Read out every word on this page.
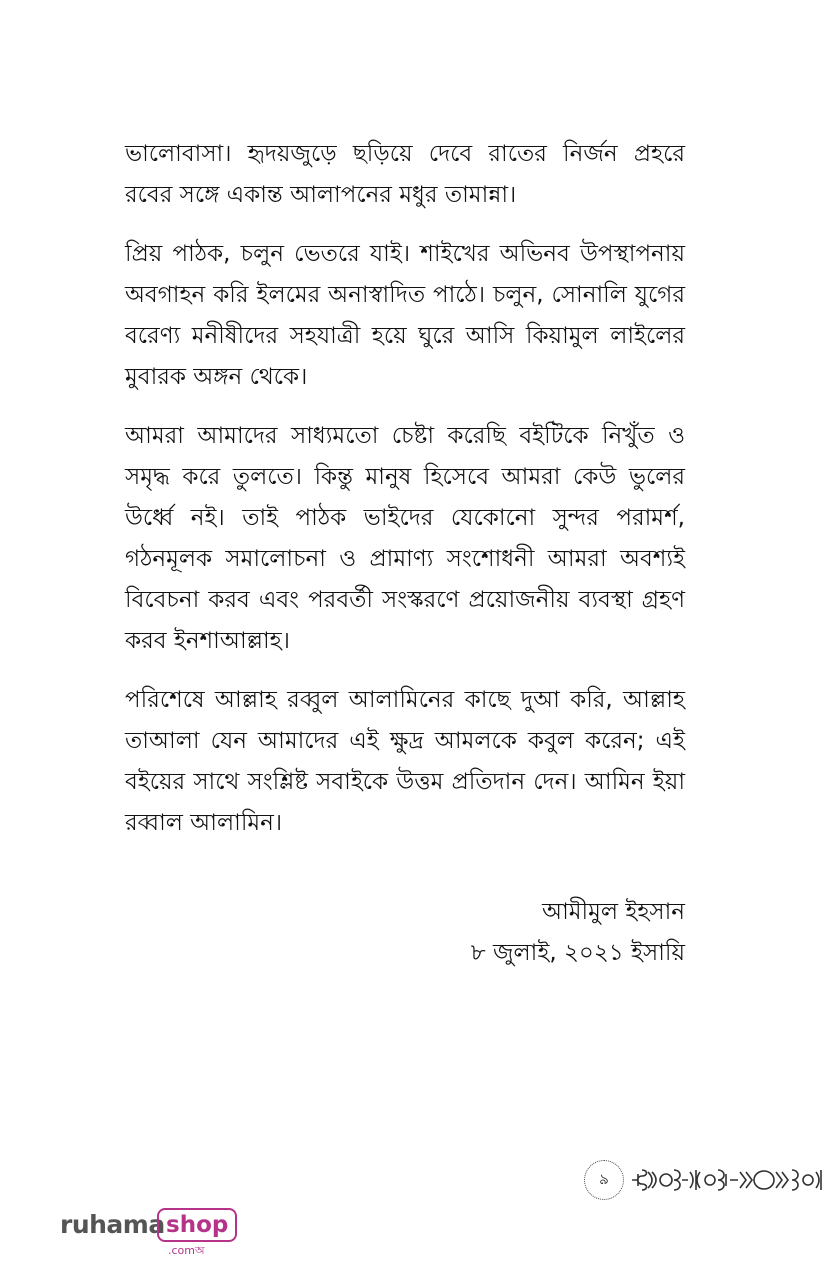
ভালোবাসা। হৃদয়জুড়ে ছড়িয়ে দেবে রাতের নির্জন প্রহরে রবের সঙ্গে একান্ত আলাপনের মধুর তামান্না।

প্রিয় পাঠক, চলুন ভেতরে যাই। শাইখের অভিনব উপস্থাপনায় অবগাহন করি ইলমের অনাস্বাদিত পাঠে। চলুন, সোনালি যুগের বরেণ্য মনীষীদের সহযাত্রী হয়ে ঘুরে আসি কিয়ামুল লাইলের মুবারক অঙ্গন থেকে।

আমরা আমাদের সাধ্যমতো চেষ্টা করেছি বইটিকে নিখুঁত ও সমৃদ্ধ করে তুলতে। কিন্তু মানুষ হিসেবে আমরা কেউ ভুলের উর্ধ্বে নই। তাই পাঠক ভাইদের যেকোনো সুন্দর পরামর্শ, গঠনমূলক সমালোচনা ও প্রামাণ্য সংশোধনী আমরা অবশ্যই বিবেচনা করব এবং পরবর্তী সংস্করণে প্রয়োজনীয় ব্যবস্থা গ্রহণ করব ইনশাআল্লাহ।

পরিশেষে আল্লাহ রব্বুল আলামিনের কাছে দুআ করি, আল্লাহ তাআলা যেন আমাদের এই ক্ষুদ্র আমলকে কবুল করেন; এই বইয়ের সাথে সংশ্লিষ্ট সবাইকে উত্তম প্রতিদান দেন। আমিন ইয়া রব্বাল আলামিন।

আমীমুল ইহসান
৮ জুলাই, ২০২১ ইসায়ি
৯
ruhama shop
.comঅ
